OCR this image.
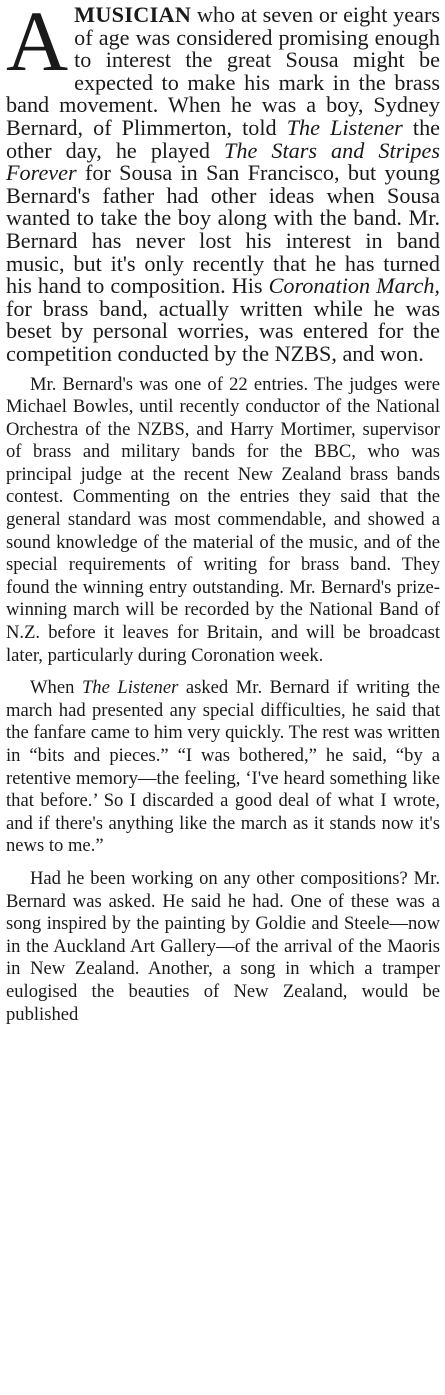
AMUSICIAN who at seven or eight years of age was considered promising enough to interest the great Sousa might be expected to make his mark in the brass band movement. When he was a boy, Sydney Bernard, of Plimmerton, told The Listener the other day, he played The Stars and Stripes Forever for Sousa in San Francisco, but young Bernard's father had other ideas when Sousa wanted to take the boy along with the band. Mr. Bernard has never lost his interest in band music, but it's only recently that he has turned his hand to composition. His Coronation March, for brass band, actually written while he was beset by personal worries, was entered for the competition conducted by the NZBS, and won.

Mr. Bernard's was one of 22 entries. The judges were Michael Bowles, until recently conductor of the National Orchestra of the NZBS, and Harry Mortimer, supervisor of brass and military bands for the BBC, who was principal judge at the recent New Zealand brass bands contest. Commenting on the entries they said that the general standard was most commendable, and showed a sound knowledge of the material of the music, and of the special requirements of writing for brass band. They found the winning entry outstanding. Mr. Bernard's prize-winning march will be recorded by the National Band of N.Z. before it leaves for Britain, and will be broadcast later, particularly during Coronation week.

When The Listener asked Mr. Bernard if writing the march had presented any special difficulties, he said that the fanfare came to him very quickly. The rest was written in “bits and pieces.” “I was bothered,” he said, “by a retentive memory—the feeling, ‘I've heard something like that before.’ So I discarded a good deal of what I wrote, and if there's anything like the march as it stands now it's news to me.”

Had he been working on any other compositions? Mr. Bernard was asked. He said he had. One of these was a song inspired by the painting by Goldie and Steele—now in the Auckland Art Gallery—of the arrival of the Maoris in New Zealand. Another, a song in which a tramper eulogised the beauties of New Zealand, would be published
